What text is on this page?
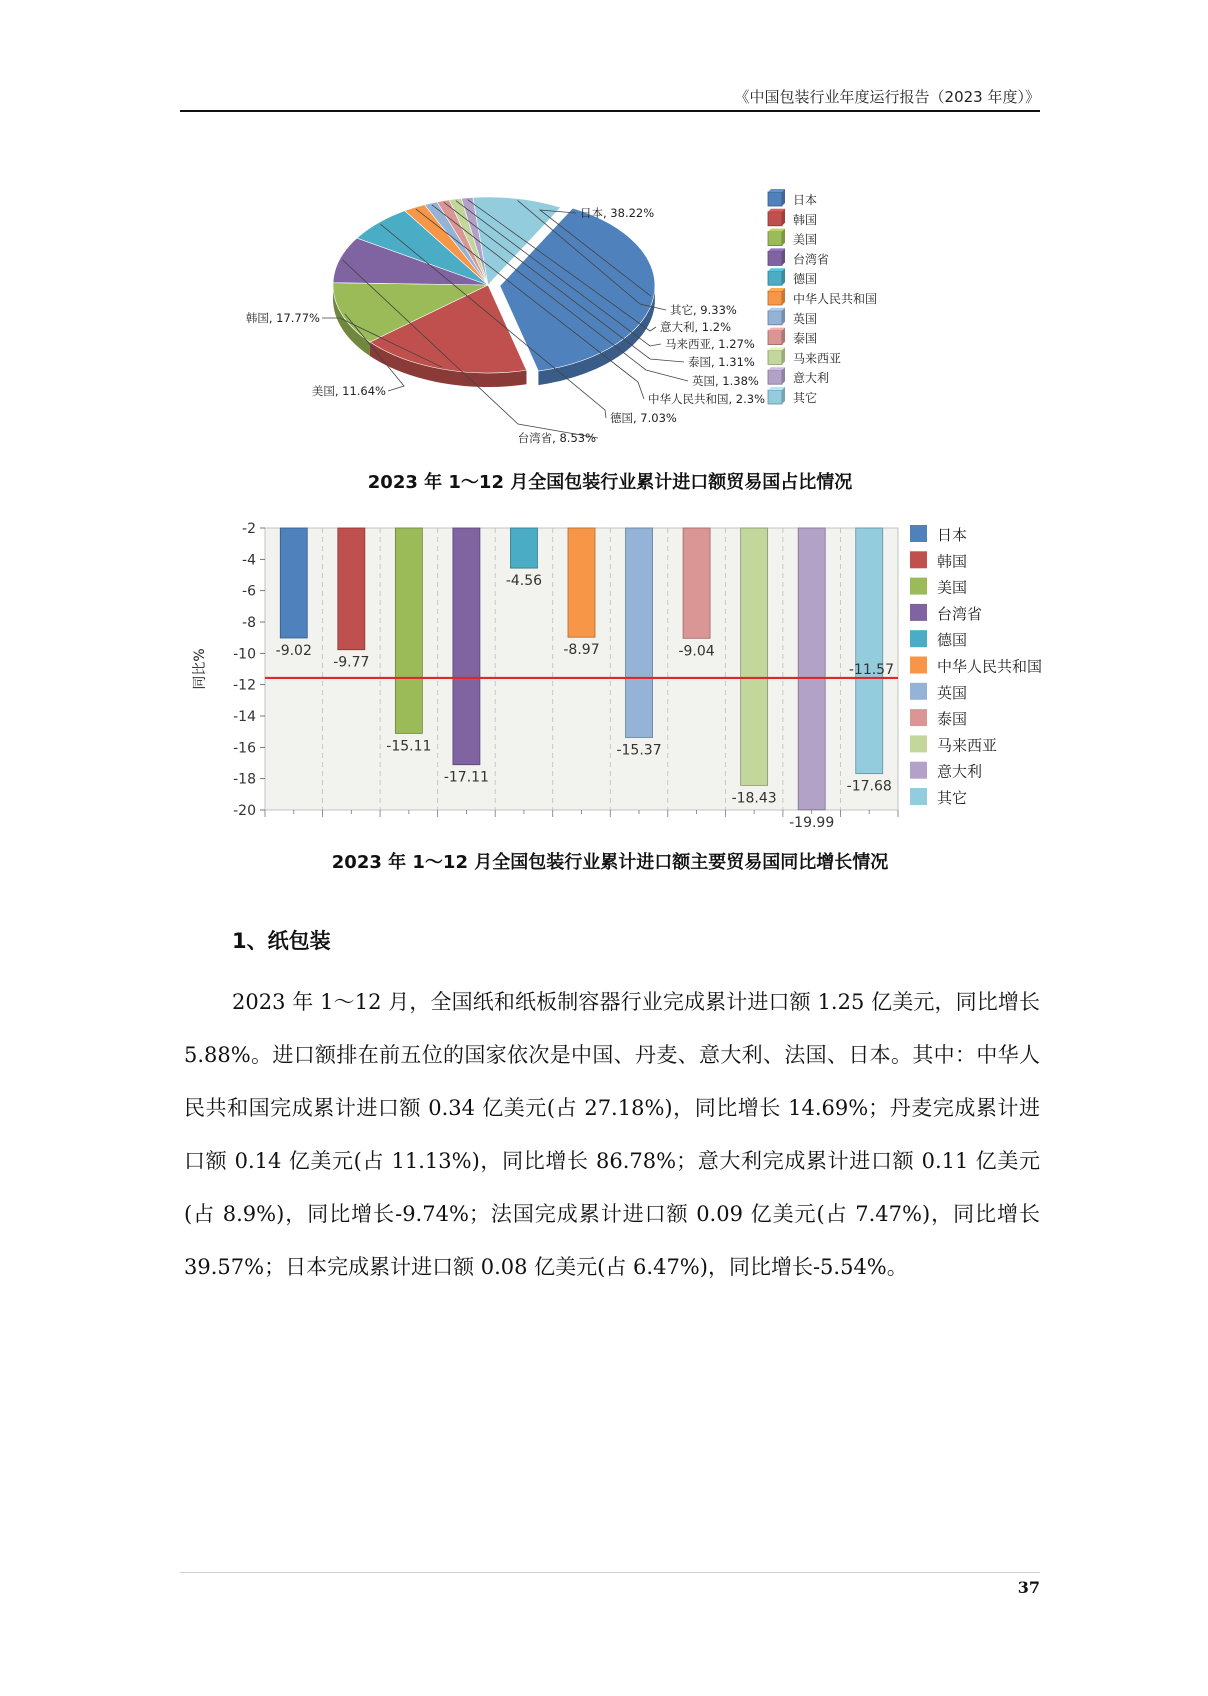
《中国包装行业年度运行报告（2023 年度）》
日本, 38.22%
韩国, 17.77%
美国, 11.64%
台湾省, 8.53%
德国, 7.03%
中华人民共和国, 2.3%
英国, 1.38%
泰国, 1.31%
马来西亚, 1.27%
意大利, 1.2%
其它, 9.33%
日本
韩国
美国
台湾省
德国
中华人民共和国
英国
泰国
马来西亚
意大利
其它
2023 年 1～12 月全国包装行业累计进口额贸易国占比情况
-2
-4
-6
-8
-10
-12
-14
-16
-18
-20
同比%	-9.02
-9.77
-15.11
-17.11
-4.56
-8.97
-15.37
-9.04
-18.43
-19.99
-17.68
-11.57
日本
韩国
美国
台湾省
德国
中华人民共和国
英国
泰国
马来西亚
意大利
其它
2023 年 1～12 月全国包装行业累计进口额主要贸易国同比增长情况
1、纸包装

2023 年 1～12 月，全国纸和纸板制容器行业完成累计进口额 1.25 亿美元，同比增长 5.88%。进口额排在前五位的国家依次是中国、丹麦、意大利、法国、日本。其中：中华人民共和国完成累计进口额 0.34 亿美元(占 27.18%)，同比增长 14.69%；丹麦完成累计进口额 0.14 亿美元(占 11.13%)，同比增长 86.78%；意大利完成累计进口额 0.11 亿美元(占 8.9%)，同比增长-9.74%；法国完成累计进口额 0.09 亿美元(占 7.47%)，同比增长 39.57%；日本完成累计进口额 0.08 亿美元(占 6.47%)，同比增长-5.54%。

37
